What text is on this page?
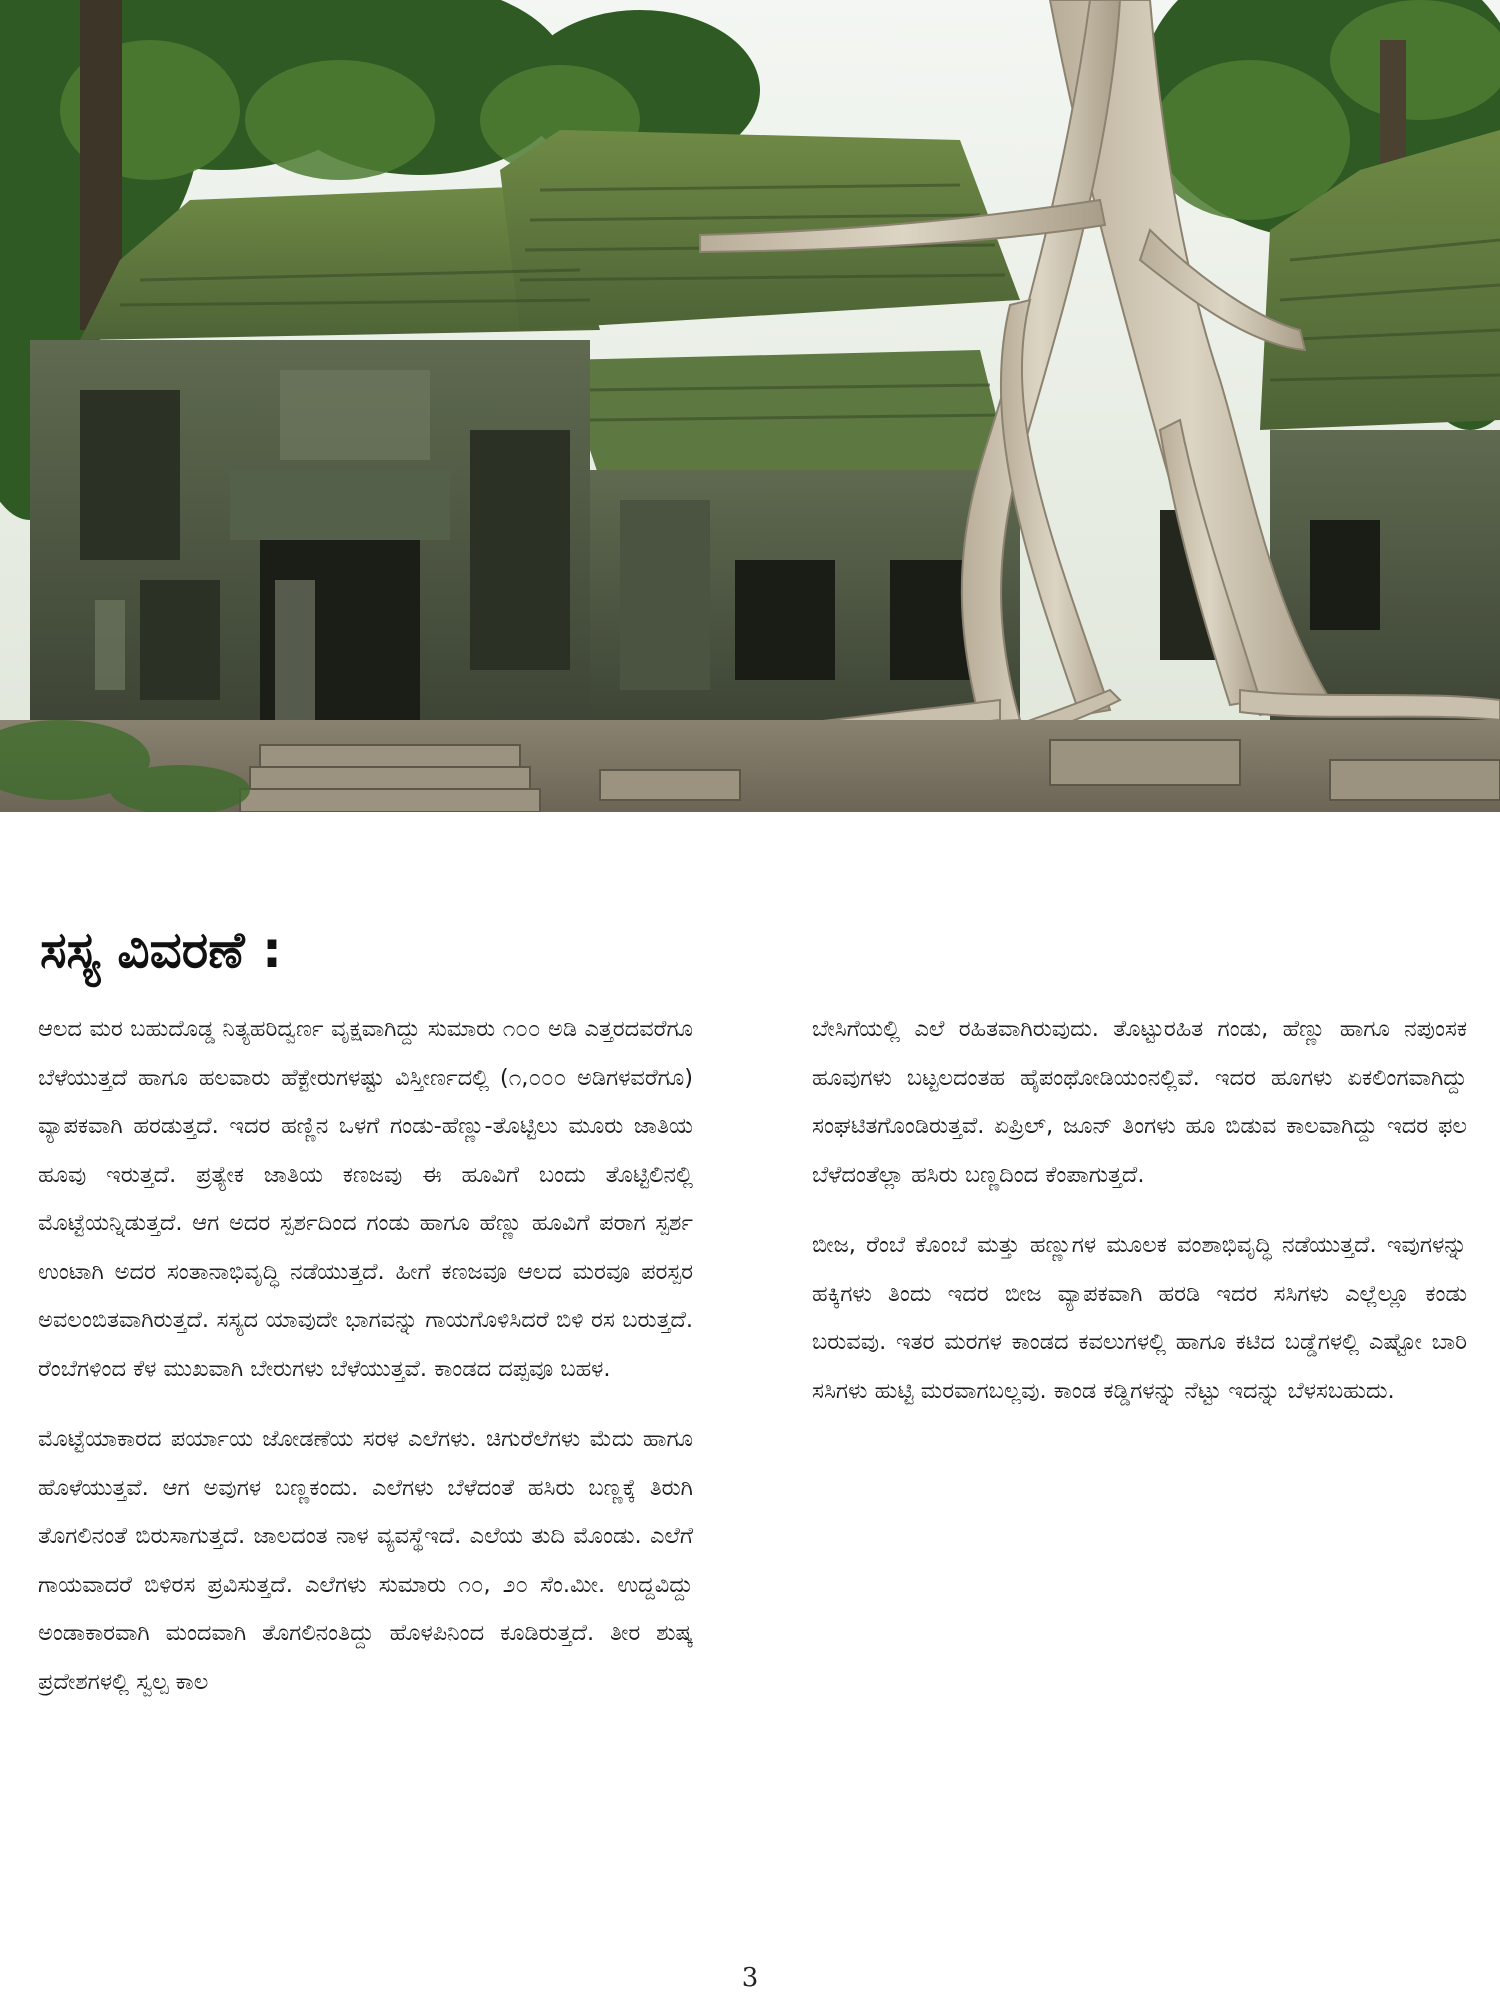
ಸಸ್ಯ ವಿವರಣೆ :

ಆಲದ ಮರ ಬಹುದೊಡ್ಡ ನಿತ್ಯಹರಿದ್ವರ್ಣ ವೃಕ್ಷವಾಗಿದ್ದು ಸುಮಾರು ೧೦೦ ಅಡಿ ಎತ್ತರದವರೆಗೂ ಬೆಳೆಯುತ್ತದೆ ಹಾಗೂ ಹಲವಾರು ಹೆಕ್ಟೇರುಗಳಷ್ಟು ವಿಸ್ತೀರ್ಣದಲ್ಲಿ (೧,೦೦೦ ಅಡಿಗಳವರೆಗೂ) ವ್ಯಾಪಕವಾಗಿ ಹರಡುತ್ತದೆ. ಇದರ ಹಣ್ಣಿನ ಒಳಗೆ ಗಂಡು-ಹೆಣ್ಣು-ತೊಟ್ಟಿಲು ಮೂರು ಜಾತಿಯ ಹೂವು ಇರುತ್ತದೆ. ಪ್ರತ್ಯೇಕ ಜಾತಿಯ ಕಣಜವು ಈ ಹೂವಿಗೆ ಬಂದು ತೊಟ್ಟಿಲಿನಲ್ಲಿ ಮೊಟ್ಟೆಯನ್ನಿಡುತ್ತದೆ. ಆಗ ಅದರ ಸ್ಪರ್ಶದಿಂದ ಗಂಡು ಹಾಗೂ ಹೆಣ್ಣು ಹೂವಿಗೆ ಪರಾಗ ಸ್ಪರ್ಶ ಉಂಟಾಗಿ ಅದರ ಸಂತಾನಾಭಿವೃದ್ಧಿ ನಡೆಯುತ್ತದೆ. ಹೀಗೆ ಕಣಜವೂ ಆಲದ ಮರವೂ ಪರಸ್ಪರ ಅವಲಂಬಿತವಾಗಿರುತ್ತದೆ. ಸಸ್ಯದ ಯಾವುದೇ ಭಾಗವನ್ನು ಗಾಯಗೊಳಿಸಿದರೆ ಬಿಳಿ ರಸ ಬರುತ್ತದೆ. ರೆಂಬೆಗಳಿಂದ ಕೆಳ ಮುಖವಾಗಿ ಬೇರುಗಳು ಬೆಳೆಯುತ್ತವೆ. ಕಾಂಡದ ದಪ್ಪವೂ ಬಹಳ.

ಮೊಟ್ಟೆಯಾಕಾರದ ಪರ್ಯಾಯ ಜೋಡಣೆಯ ಸರಳ ಎಲೆಗಳು. ಚಿಗುರೆಲೆಗಳು ಮೆದು ಹಾಗೂ ಹೊಳೆಯುತ್ತವೆ. ಆಗ ಅವುಗಳ ಬಣ್ಣಕಂದು. ಎಲೆಗಳು ಬೆಳೆದಂತೆ ಹಸಿರು ಬಣ್ಣಕ್ಕೆ ತಿರುಗಿ ತೊಗಲಿನಂತೆ ಬಿರುಸಾಗುತ್ತದೆ. ಜಾಲದಂತ ನಾಳ ವ್ಯವಸ್ಥೆಇದೆ. ಎಲೆಯ ತುದಿ ಮೊಂಡು. ಎಲೆಗೆ ಗಾಯವಾದರೆ ಬಿಳಿರಸ ಪ್ರವಿಸುತ್ತದೆ. ಎಲೆಗಳು ಸುಮಾರು ೧೦, ೨೦ ಸೆಂ.ಮೀ. ಉದ್ದವಿದ್ದು ಅಂಡಾಕಾರವಾಗಿ ಮಂದವಾಗಿ ತೊಗಲಿನಂತಿದ್ದು ಹೊಳಪಿನಿಂದ ಕೂಡಿರುತ್ತದೆ. ತೀರ ಶುಷ್ಕ ಪ್ರದೇಶಗಳಲ್ಲಿ ಸ್ವಲ್ಪ ಕಾಲ

ಬೇಸಿಗೆಯಲ್ಲಿ ಎಲೆ ರಹಿತವಾಗಿರುವುದು. ತೊಟ್ಟುರಹಿತ ಗಂಡು, ಹೆಣ್ಣು ಹಾಗೂ ನಪುಂಸಕ ಹೂವುಗಳು ಬಟ್ಟಲದಂತಹ ಹೈಪಂಥೋಡಿಯಂನಲ್ಲಿವೆ. ಇದರ ಹೂಗಳು ಏಕಲಿಂಗವಾಗಿದ್ದು ಸಂಘಟಿತಗೊಂಡಿರುತ್ತವೆ. ಏಪ್ರಿಲ್, ಜೂನ್ ತಿಂಗಳು ಹೂ ಬಿಡುವ ಕಾಲವಾಗಿದ್ದು ಇದರ ಫಲ ಬೆಳೆದಂತೆಲ್ಲಾ ಹಸಿರು ಬಣ್ಣದಿಂದ ಕೆಂಪಾಗುತ್ತದೆ.

ಬೀಜ, ರೆಂಬೆ ಕೊಂಬೆ ಮತ್ತು ಹಣ್ಣುಗಳ ಮೂಲಕ ವಂಶಾಭಿವೃದ್ಧಿ ನಡೆಯುತ್ತದೆ. ಇವುಗಳನ್ನು ಹಕ್ಕಿಗಳು ತಿಂದು ಇದರ ಬೀಜ ವ್ಯಾಪಕವಾಗಿ ಹರಡಿ ಇದರ ಸಸಿಗಳು ಎಲ್ಲೆಲ್ಲೂ ಕಂಡು ಬರುವವು. ಇತರ ಮರಗಳ ಕಾಂಡದ ಕವಲುಗಳಲ್ಲಿ ಹಾಗೂ ಕಟಿದ ಬಡ್ಡೆಗಳಲ್ಲಿ ಎಷ್ಟೋ ಬಾರಿ ಸಸಿಗಳು ಹುಟ್ಟಿ ಮರವಾಗಬಲ್ಲವು. ಕಾಂಡ ಕಡ್ಡಿಗಳನ್ನು ನೆಟ್ಟು ಇದನ್ನು ಬೆಳಸಬಹುದು.

3
